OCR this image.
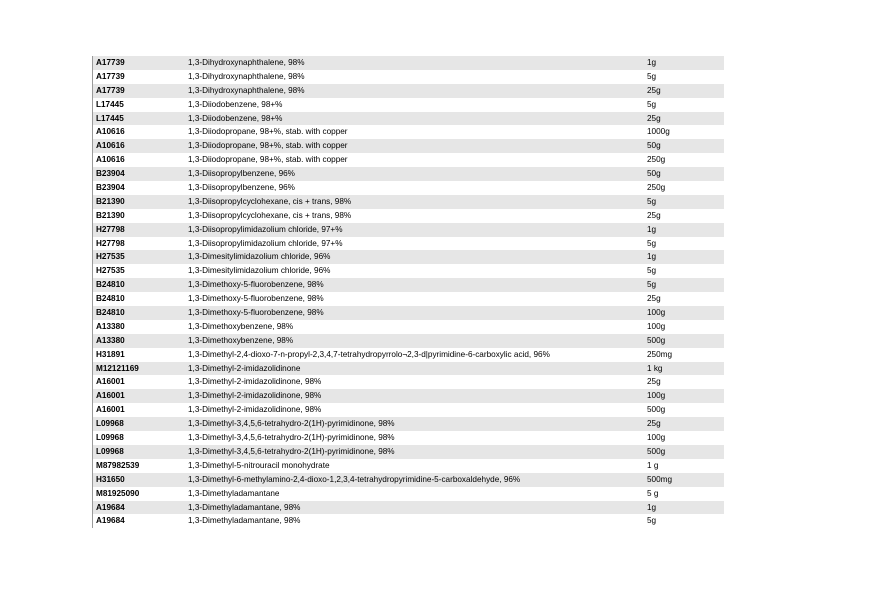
A17739	1,3-Dihydroxynaphthalene, 98%	1g
A17739	1,3-Dihydroxynaphthalene, 98%	5g
A17739	1,3-Dihydroxynaphthalene, 98%	25g
L17445	1,3-Diiodobenzene, 98+%	5g
L17445	1,3-Diiodobenzene, 98+%	25g
A10616	1,3-Diiodopropane, 98+%, stab. with copper	1000g
A10616	1,3-Diiodopropane, 98+%, stab. with copper	50g
A10616	1,3-Diiodopropane, 98+%, stab. with copper	250g
B23904	1,3-Diisopropylbenzene, 96%	50g
B23904	1,3-Diisopropylbenzene, 96%	250g
B21390	1,3-Diisopropylcyclohexane, cis + trans, 98%	5g
B21390	1,3-Diisopropylcyclohexane, cis + trans, 98%	25g
H27798	1,3-Diisopropylimidazolium chloride, 97+%	1g
H27798	1,3-Diisopropylimidazolium chloride, 97+%	5g
H27535	1,3-Dimesitylimidazolium chloride, 96%	1g
H27535	1,3-Dimesitylimidazolium chloride, 96%	5g
B24810	1,3-Dimethoxy-5-fluorobenzene, 98%	5g
B24810	1,3-Dimethoxy-5-fluorobenzene, 98%	25g
B24810	1,3-Dimethoxy-5-fluorobenzene, 98%	100g
A13380	1,3-Dimethoxybenzene, 98%	100g
A13380	1,3-Dimethoxybenzene, 98%	500g
H31891	1,3-Dimethyl-2,4-dioxo-7-n-propyl-2,3,4,7-tetrahydropyrrolo¬2,3-d|pyrimidine-6-carboxylic acid, 96%	250mg
M12121169	1,3-Dimethyl-2-imidazolidinone	1 kg
A16001	1,3-Dimethyl-2-imidazolidinone, 98%	25g
A16001	1,3-Dimethyl-2-imidazolidinone, 98%	100g
A16001	1,3-Dimethyl-2-imidazolidinone, 98%	500g
L09968	1,3-Dimethyl-3,4,5,6-tetrahydro-2(1H)-pyrimidinone, 98%	25g
L09968	1,3-Dimethyl-3,4,5,6-tetrahydro-2(1H)-pyrimidinone, 98%	100g
L09968	1,3-Dimethyl-3,4,5,6-tetrahydro-2(1H)-pyrimidinone, 98%	500g
M87982539	1,3-Dimethyl-5-nitrouracil monohydrate	1 g
H31650	1,3-Dimethyl-6-methylamino-2,4-dioxo-1,2,3,4-tetrahydropyrimidine-5-carboxaldehyde, 96%	500mg
M81925090	1,3-Dimethyladamantane	5 g
A19684	1,3-Dimethyladamantane, 98%	1g
A19684	1,3-Dimethyladamantane, 98%	5g
